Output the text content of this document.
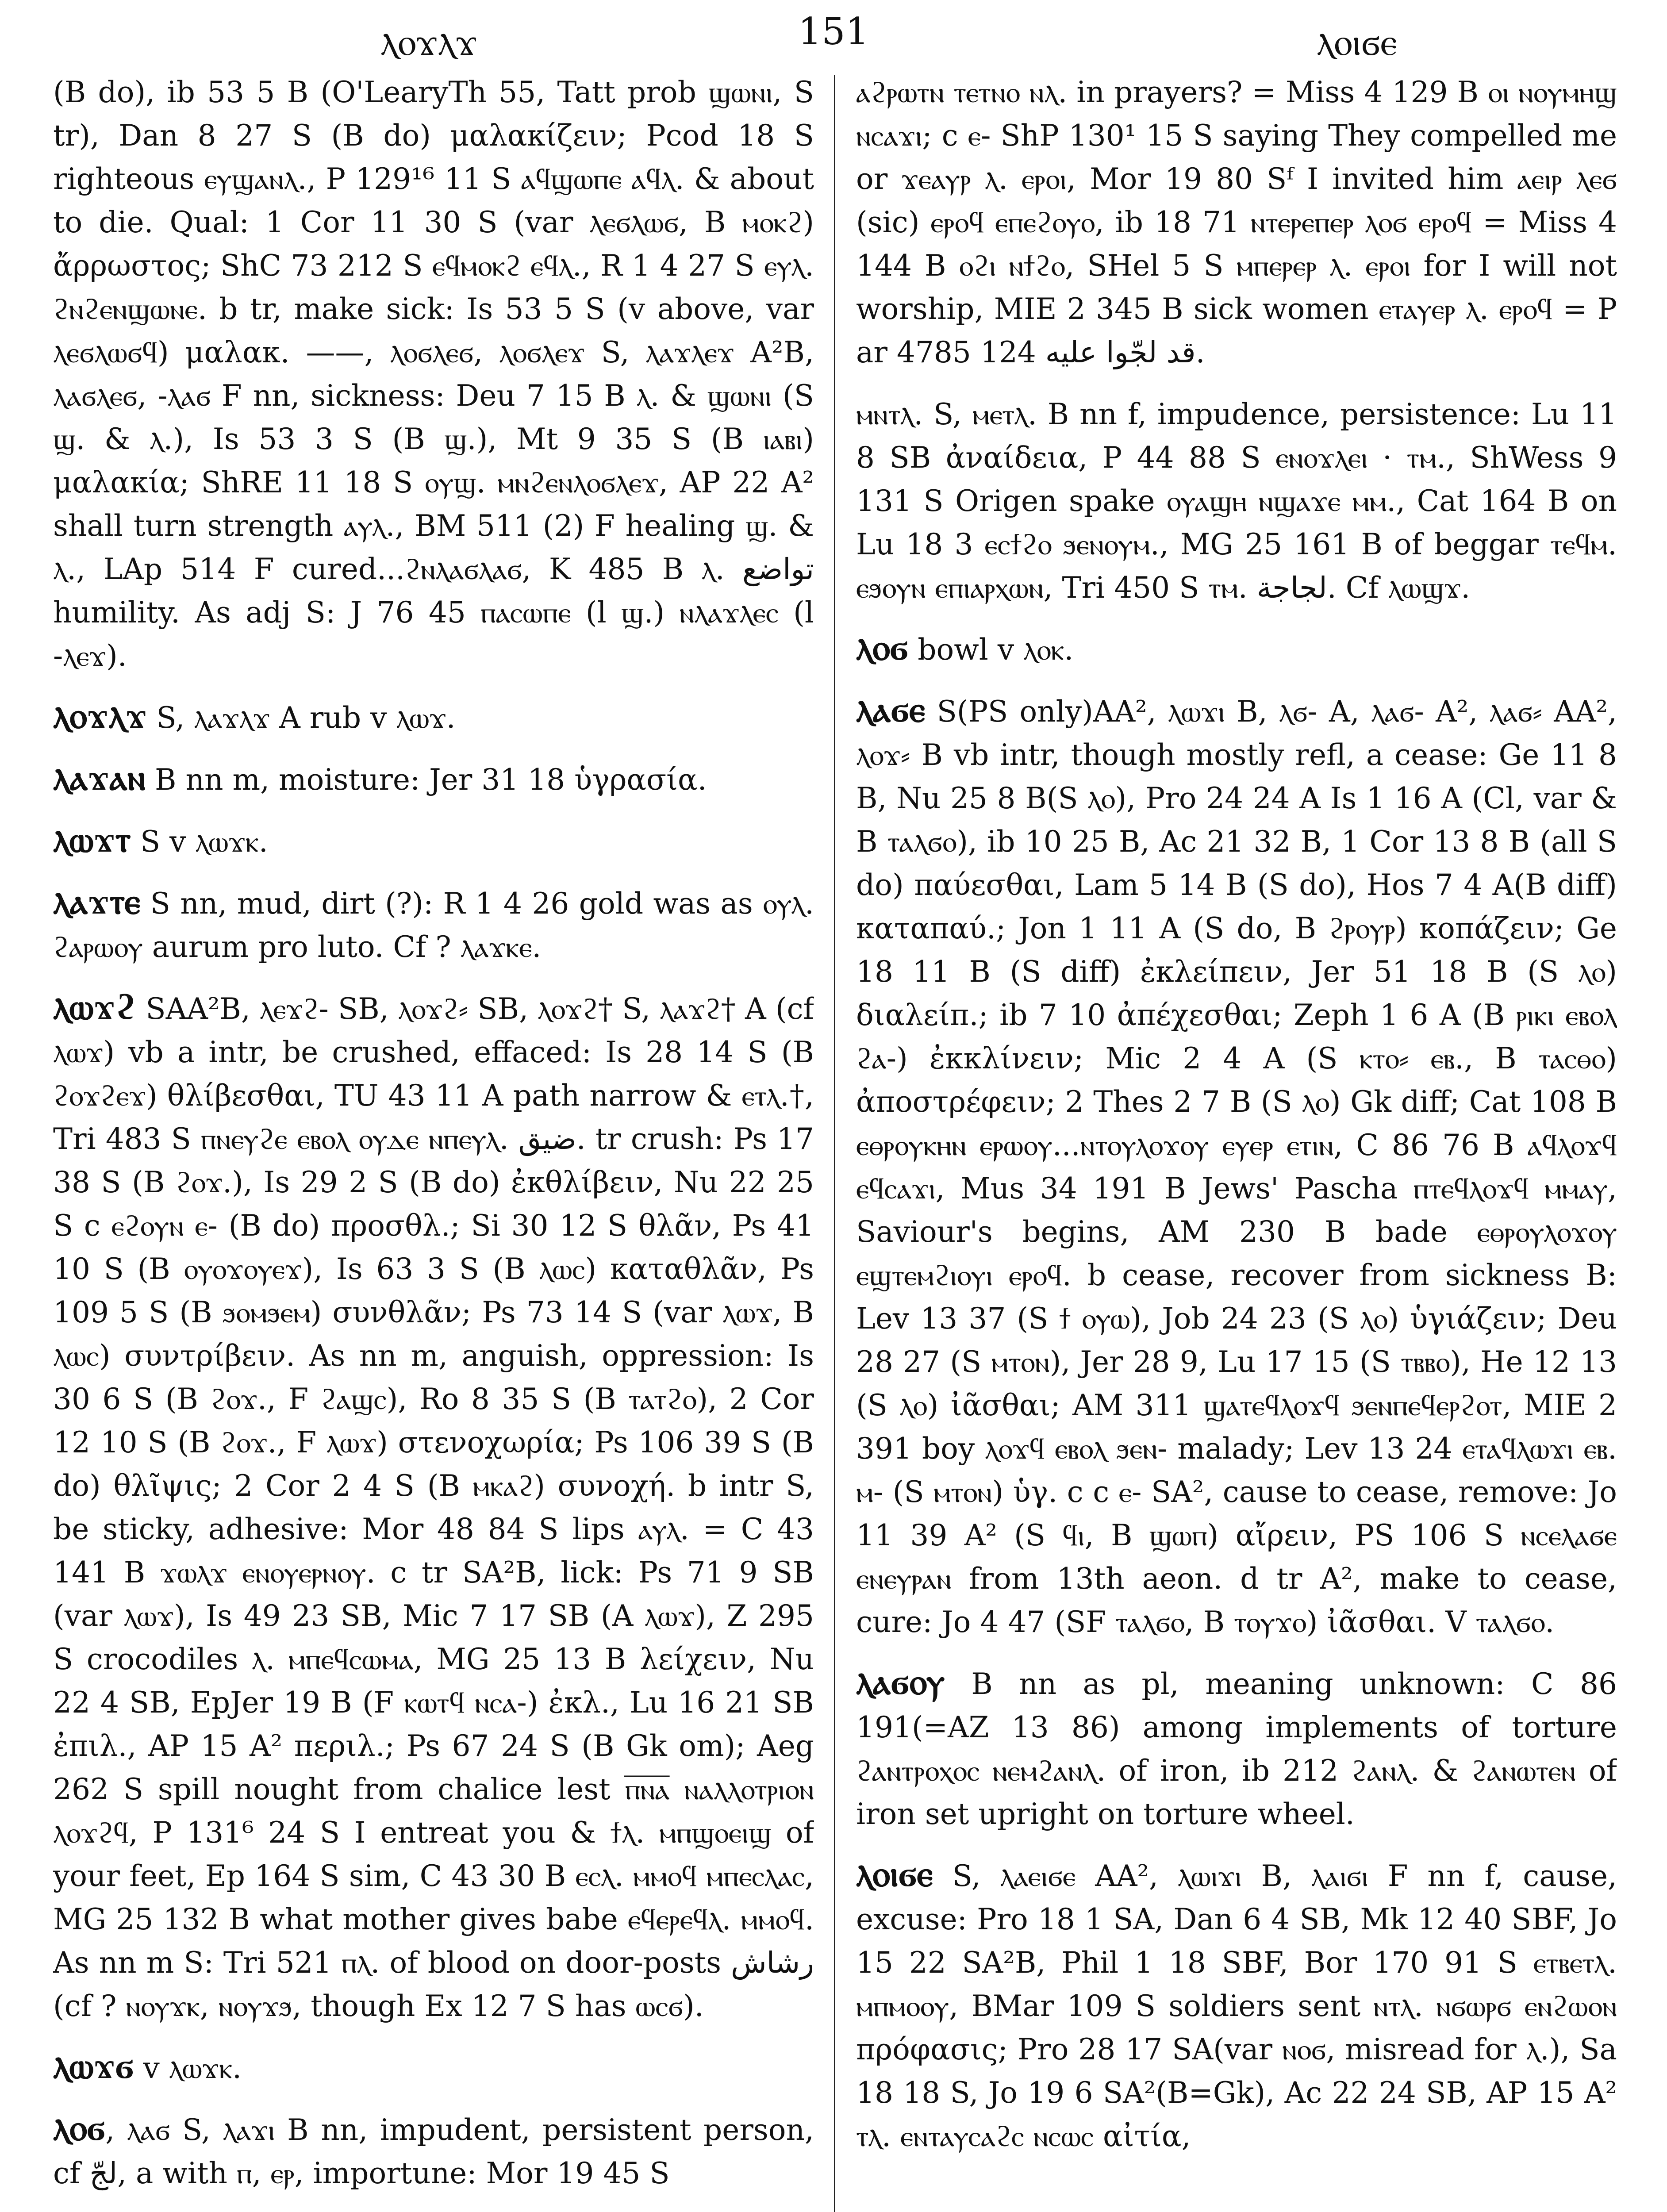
ⲗⲟϫⲗϫ	ⲗⲟⲓϭⲉ
151

(B do), ib 53 5 B (O'LearyTh 55, Tatt prob ϣⲱⲛⲓ, S tr), Dan 8 27 S (B do) μαλακίζειν; Pcod 18 S righteous ⲉⲩϣⲁⲛⲗ., P 129¹⁶ 11 S ⲁϥϣⲱⲡⲉ ⲁϥⲗ. & about to die. Qual: 1 Cor 11 30 S (var ⲗⲉϭⲗⲱϭ, B ⲙⲟⲕϩ) ἄρρωστος; ShC 73 212 S ⲉϥⲙⲟⲕϩ ⲉϥⲗ., R 1 4 27 S ⲉⲩⲗ. ϩⲛϩⲉⲛϣⲱⲛⲉ. b tr, make sick: Is 53 5 S (v above, var ⲗⲉϭⲗⲱϭϥ) μαλακ. ——, ⲗⲟϭⲗⲉϭ, ⲗⲟϭⲗⲉϫ S, ⲗⲁϫⲗⲉϫ A²B, ⲗⲁϭⲗⲉϭ, -ⲗⲁϭ F nn, sickness: Deu 7 15 B ⲗ. & ϣⲱⲛⲓ (S ϣ. & ⲗ.), Is 53 3 S (B ϣ.), Mt 9 35 S (B ⲓⲁⲃⲓ) μαλακία; ShRE 11 18 S ⲟⲩϣ. ⲙⲛϩⲉⲛⲗⲟϭⲗⲉϫ, AP 22 A² shall turn strength ⲁⲩⲗ., BM 511 (2) F healing ϣ. & ⲗ., LAp 514 F cured...ϩⲛⲗⲁϭⲗⲁϭ, K 485 B ⲗ. تواضع humility. As adj S: J 76 45 ⲡⲁⲥⲱⲡⲉ (l ϣ.) ⲛⲗⲁϫⲗⲉⲥ (l -ⲗⲉϫ).

ⲗⲟϫⲗϫ S, ⲗⲁϫⲗϫ A rub v ⲗⲱϫ.

ⲗⲁϫⲁⲛ B nn m, moisture: Jer 31 18 ὑγρασία.

ⲗⲱϫⲧ S v ⲗⲱϫⲕ.

ⲗⲁϫⲧⲉ S nn, mud, dirt (?): R 1 4 26 gold was as ⲟⲩⲗ. ϩⲁⲣⲱⲟⲩ aurum pro luto. Cf ? ⲗⲁϫⲕⲉ.

ⲗⲱϫϩ SAA²B, ⲗⲉϫϩ- SB, ⲗⲟϫϩ⸗ SB, ⲗⲟϫϩ† S, ⲗⲁϫϩ† A (cf ⲗⲱϫ) vb a intr, be crushed, effaced: Is 28 14 S (B ϩⲟϫϩⲉϫ) θλίβεσθαι, TU 43 11 A path narrow & ⲉⲧⲗ.†, Tri 483 S ⲡⲛⲉⲩϩⲉ ⲉⲃⲟⲗ ⲟⲩⲇⲉ ⲛⲡⲉⲩⲗ. ضيق. tr crush: Ps 17 38 S (B ϩⲟϫ.), Is 29 2 S (B do) ἐκθλίβειν, Nu 22 25 S c ⲉϩⲟⲩⲛ ⲉ- (B do) προσθλ.; Si 30 12 S θλᾶν, Ps 41 10 S (B ⲟⲩⲟϫⲟⲩⲉϫ), Is 63 3 S (B ⲗⲱⲥ) καταθλᾶν, Ps 109 5 S (B ϧⲟⲙϧⲉⲙ) συνθλᾶν; Ps 73 14 S (var ⲗⲱϫ, B ⲗⲱⲥ) συντρίβειν. As nn m, anguish, oppression: Is 30 6 S (B ϩⲟϫ., F ϩⲁϣⲥ), Ro 8 35 S (B ⲧⲁⲧϩⲟ), 2 Cor 12 10 S (B ϩⲟϫ., F ⲗⲱϫ) στενοχωρία; Ps 106 39 S (B do) θλῖψις; 2 Cor 2 4 S (B ⲙⲕⲁϩ) συνοχή. b intr S, be sticky, adhesive: Mor 48 84 S lips ⲁⲩⲗ. = C 43 141 B ϫⲱⲗϫ ⲉⲛⲟⲩⲉⲣⲛⲟⲩ. c tr SA²B, lick: Ps 71 9 SB (var ⲗⲱϫ), Is 49 23 SB, Mic 7 17 SB (A ⲗⲱϫ), Z 295 S crocodiles ⲗ. ⲙⲡⲉϥⲥⲱⲙⲁ, MG 25 13 B λείχειν, Nu 22 4 SB, EpJer 19 B (F ⲕⲱⲧϥ ⲛⲥⲁ-) ἐκλ., Lu 16 21 SB ἐπιλ., AP 15 A² περιλ.; Ps 67 24 S (B Gk om); Aeg 262 S spill nought from chalice lest ⲡ̅ⲛ̅ⲁ̅ ⲛⲁⲗⲗⲟⲧⲣⲓⲟⲛ ⲗⲟϫϩϥ, P 131⁶ 24 S I entreat you & ϯⲗ. ⲙⲡϣⲟⲉⲓϣ of your feet, Ep 164 S sim, C 43 30 B ⲉⲥⲗ. ⲙⲙⲟϥ ⲙⲡⲉⲥⲗⲁⲥ, MG 25 132 B what mother gives babe ⲉϥⲉⲣⲉϥⲗ. ⲙⲙⲟϥ. As nn m S: Tri 521 ⲡⲗ. of blood on door-posts رشاش (cf ? ⲛⲟⲩϫⲕ, ⲛⲟⲩϫϧ, though Ex 12 7 S has ⲱⲥϭ).

ⲗⲱϫϭ v ⲗⲱϫⲕ.

ⲗⲟϭ, ⲗⲁϭ S, ⲗⲁϫⲓ B nn, impudent, persistent person, cf لجّ, a with ⲡ, ⲉⲣ, importune: Mor 19 45 S

ⲁϩⲣⲱⲧⲛ ⲧⲉⲧⲛⲟ ⲛⲗ. in prayers? = Miss 4 129 B ⲟⲓ ⲛⲟⲩⲙⲏϣ ⲛⲥⲁϫⲓ; c ⲉ- ShP 130¹ 15 S saying They compelled me or ϫⲉⲁⲩⲣ ⲗ. ⲉⲣⲟⲓ, Mor 19 80 Sᶠ I invited him ⲁⲉⲓⲣ ⲗⲉϭ (sic) ⲉⲣⲟϥ ⲉⲡⲉϩⲟⲩⲟ, ib 18 71 ⲛⲧⲉⲣⲉⲡⲉⲣ ⲗⲟϭ ⲉⲣⲟϥ = Miss 4 144 B ⲟϩⲓ ⲛϯϩⲟ, SHel 5 S ⲙⲡⲉⲣⲉⲣ ⲗ. ⲉⲣⲟⲓ for I will not worship, MIE 2 345 B sick women ⲉⲧⲁⲩⲉⲣ ⲗ. ⲉⲣⲟϥ = P ar 4785 124 قد لجّوا عليه.

ⲙⲛⲧⲗ. S, ⲙⲉⲧⲗ. B nn f, impudence, persistence: Lu 11 8 SB ἀναίδεια, P 44 88 S ⲉⲛⲟϫⲗⲉⲓ · ⲧⲙ., ShWess 9 131 S Origen spake ⲟⲩⲁϣⲏ ⲛϣⲁϫⲉ ⲙⲙ., Cat 164 B on Lu 18 3 ⲉⲥϯϩⲟ ϧⲉⲛⲟⲩⲙ., MG 25 161 B of beggar ⲧⲉϥⲙ. ⲉϧⲟⲩⲛ ⲉⲡⲓⲁⲣⲭⲱⲛ, Tri 450 S ⲧⲙ. لجاجة. Cf ⲗⲱϣϫ.

ⲗⲟϭ bowl v ⲗⲟⲕ.

ⲗⲁϭⲉ S(PS only)AA², ⲗⲱϫⲓ B, ⲗϭ- A, ⲗⲁϭ- A², ⲗⲁϭ⸗ AA², ⲗⲟϫ⸗ B vb intr, though mostly refl, a cease: Ge 11 8 B, Nu 25 8 B(S ⲗⲟ), Pro 24 24 A Is 1 16 A (Cl, var & B ⲧⲁⲗϭⲟ), ib 10 25 B, Ac 21 32 B, 1 Cor 13 8 B (all S do) παύεσθαι, Lam 5 14 B (S do), Hos 7 4 A(B diff) καταπαύ.; Jon 1 11 A (S do, B ϩⲣⲟⲩⲣ) κοπάζειν; Ge 18 11 B (S diff) ἐκλείπειν, Jer 51 18 B (S ⲗⲟ) διαλείπ.; ib 7 10 ἀπέχεσθαι; Zeph 1 6 A (B ⲣⲓⲕⲓ ⲉⲃⲟⲗ ϩⲁ-) ἐκκλίνειν; Mic 2 4 A (S ⲕⲧⲟ⸗ ⲉⲃ., B ⲧⲁⲥⲑⲟ) ἀποστρέφειν; 2 Thes 2 7 B (S ⲗⲟ) Gk diff; Cat 108 B ⲉⲑⲣⲟⲩⲕⲏⲛ ⲉⲣⲱⲟⲩ...ⲛⲧⲟⲩⲗⲟϫⲟⲩ ⲉⲩⲉⲣ ⲉⲧⲓⲛ, C 86 76 B ⲁϥⲗⲟϫϥ ⲉϥⲥⲁϫⲓ, Mus 34 191 B Jews' Pascha ⲡⲧⲉϥⲗⲟϫϥ ⲙⲙⲁⲩ, Saviour's begins, AM 230 B bade ⲉⲑⲣⲟⲩⲗⲟϫⲟⲩ ⲉϣⲧⲉⲙϩⲓⲟⲩⲓ ⲉⲣⲟϥ. b cease, recover from sickness B: Lev 13 37 (S ϯ ⲟⲩⲱ), Job 24 23 (S ⲗⲟ) ὑγιάζειν; Deu 28 27 (S ⲙⲧⲟⲛ), Jer 28 9, Lu 17 15 (S ⲧⲃⲃⲟ), He 12 13 (S ⲗⲟ) ἰᾶσθαι; AM 311 ϣⲁⲧⲉϥⲗⲟϫϥ ϧⲉⲛⲡⲉϥⲉⲣϩⲟⲧ, MIE 2 391 boy ⲗⲟϫϥ ⲉⲃⲟⲗ ϧⲉⲛ- malady; Lev 13 24 ⲉⲧⲁϥⲗⲱϫⲓ ⲉⲃ. ⲙ- (S ⲙⲧⲟⲛ) ὑγ. c c ⲉ- SA², cause to cease, remove: Jo 11 39 A² (S ϥⲓ, B ϣⲱⲡ) αἴρειν, PS 106 S ⲛⲥⲉⲗⲁϭⲉ ⲉⲛⲉⲩⲣⲁⲛ from 13th aeon. d tr A², make to cease, cure: Jo 4 47 (SF ⲧⲁⲗϭⲟ, B ⲧⲟⲩϫⲟ) ἰᾶσθαι. V ⲧⲁⲗϭⲟ.

ⲗⲁϭⲟⲩ B nn as pl, meaning unknown: C 86 191(=AZ 13 86) among implements of torture ϩⲁⲛⲧⲣⲟⲭⲟⲥ ⲛⲉⲙϩⲁⲛⲗ. of iron, ib 212 ϩⲁⲛⲗ. & ϩⲁⲛⲱⲧⲉⲛ of iron set upright on torture wheel.

ⲗⲟⲓϭⲉ S, ⲗⲁⲉⲓϭⲉ AA², ⲗⲱⲓϫⲓ B, ⲗⲁⲓϭⲓ F nn f, cause, excuse: Pro 18 1 SA, Dan 6 4 SB, Mk 12 40 SBF, Jo 15 22 SA²B, Phil 1 18 SBF, Bor 170 91 S ⲉⲧⲃⲉⲧⲗ. ⲙⲡⲙⲟⲟⲩ, BMar 109 S soldiers sent ⲛⲧⲗ. ⲛϭⲱⲣϭ ⲉⲛϩⲱⲟⲛ πρόφασις; Pro 28 17 SA(var ⲛⲟϭ, misread for ⲗ.), Sa 18 18 S, Jo 19 6 SA²(B=Gk), Ac 22 24 SB, AP 15 A² ⲧⲗ. ⲉⲛⲧⲁⲩⲥⲁϩⲥ ⲛⲥⲱⲥ αἰτία,
